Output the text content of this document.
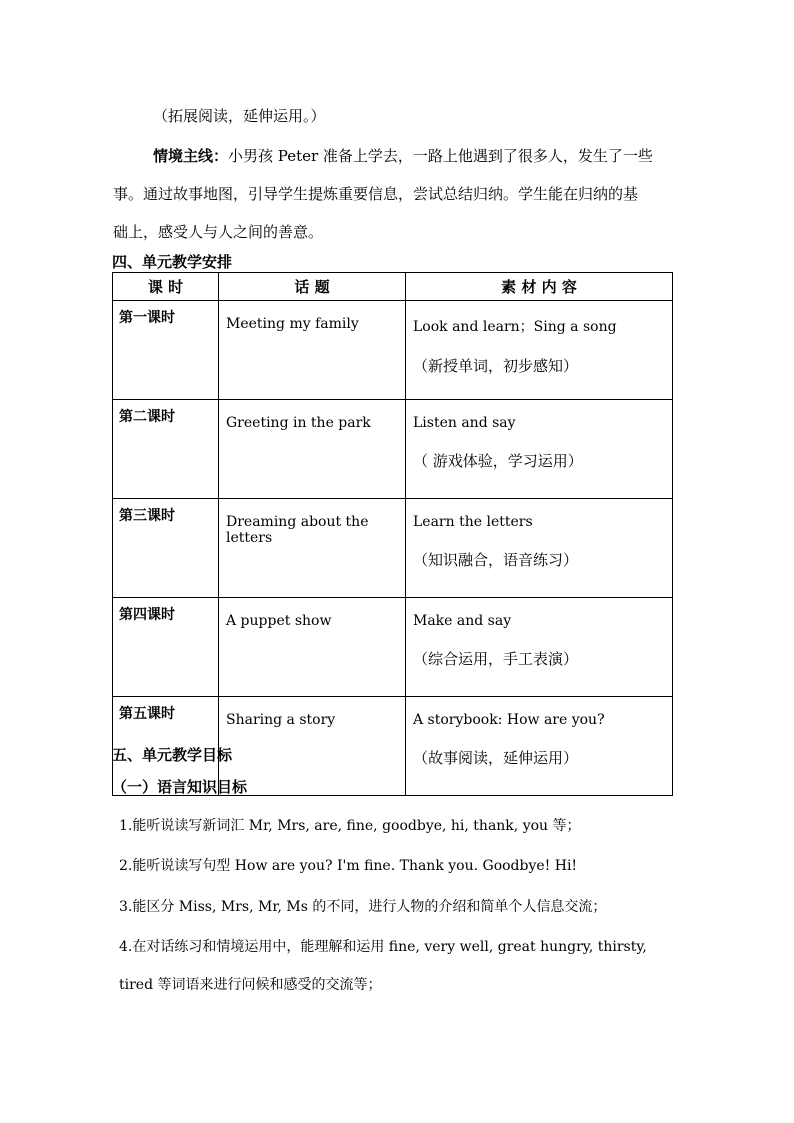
（拓展阅读，延伸运用。）
情境主线：小男孩 Peter 准备上学去，一路上他遇到了很多人，发生了一些
事。通过故事地图，引导学生提炼重要信息，尝试总结归纳。学生能在归纳的基
础上，感受人与人之间的善意。
四、单元教学安排
课 时	话 题	素 材 内 容
第一课时	Meeting my family	Look and learn；Sing a song
（新授单词，初步感知）

第二课时	Greeting in the park	Listen and say
（ 游戏体验，学习运用）

第三课时	Dreaming about the letters	Learn the letters
（知识融合，语音练习）

第四课时	A puppet show	Make and say
（综合运用，手工表演）

第五课时	Sharing a story	A storybook: How are you?
（故事阅读，延伸运用）
五、单元教学目标
（一）语言知识目标
1.能听说读写新词汇 Mr, Mrs, are, fine, goodbye, hi, thank, you 等；
2.能听说读写句型 How are you? I'm fine. Thank you. Goodbye! Hi!
3.能区分 Miss, Mrs, Mr, Ms 的不同，进行人物的介绍和简单个人信息交流；
4.在对话练习和情境运用中，能理解和运用 fine, very well, great hungry, thirsty,
tired 等词语来进行问候和感受的交流等；
